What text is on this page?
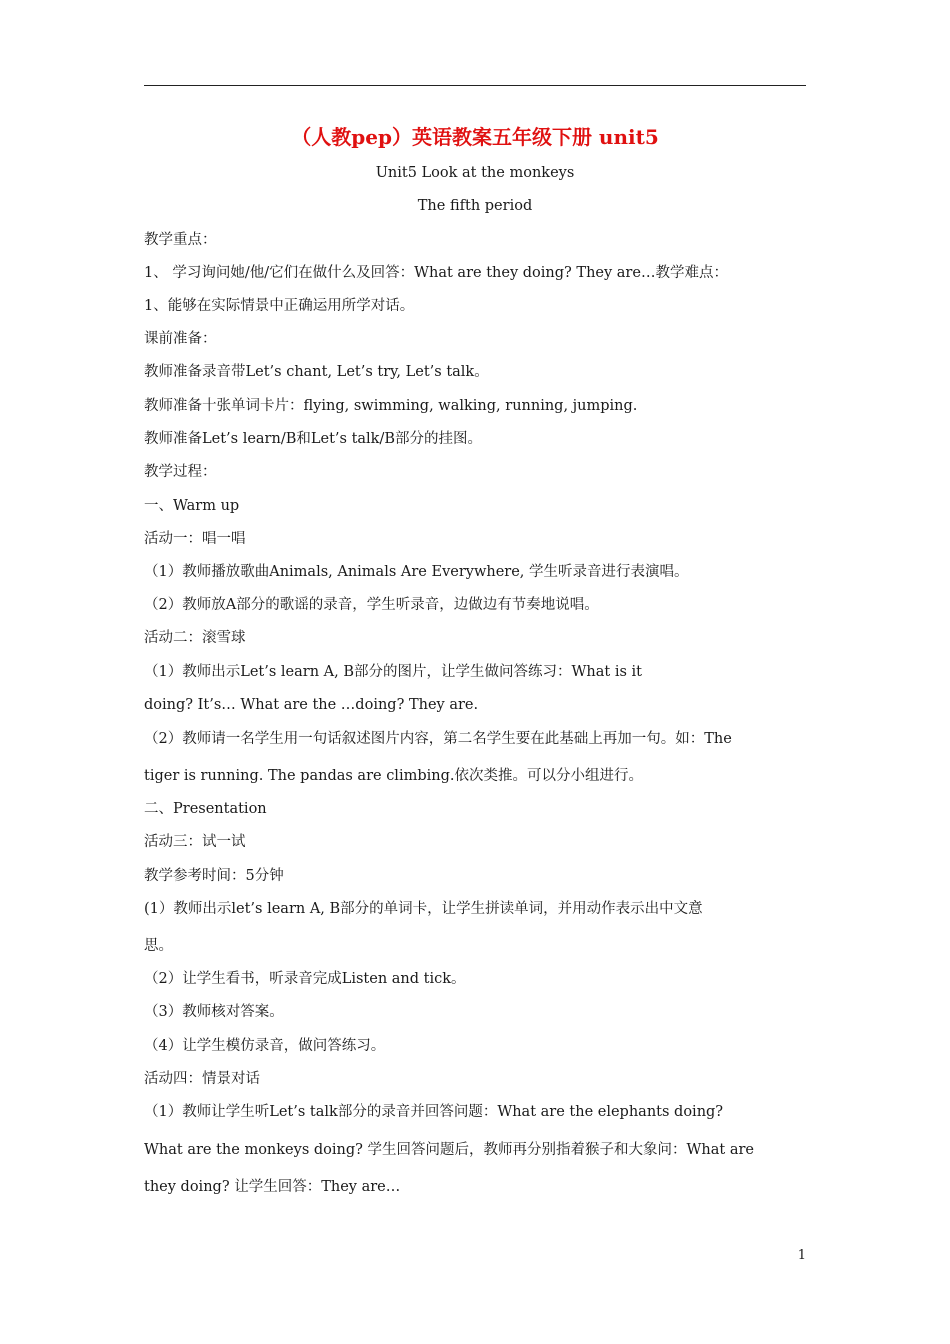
（人教pep）英语教案五年级下册 unit5
Unit5 Look at the monkeys
The fifth period
教学重点：
1、 学习询问她/他/它们在做什么及回答：What are they doing? They are…教学难点：
1、能够在实际情景中正确运用所学对话。
课前准备：
教师准备录音带Let’s chant, Let’s try, Let’s talk。
教师准备十张单词卡片：flying, swimming, walking, running, jumping.
教师准备Let’s learn/B和Let’s talk/B部分的挂图。
教学过程：
一、Warm up
活动一：唱一唱
（1）教师播放歌曲Animals, Animals Are Everywhere, 学生听录音进行表演唱。
（2）教师放A部分的歌谣的录音，学生听录音，边做边有节奏地说唱。
活动二：滚雪球
（1）教师出示Let’s learn A, B部分的图片，让学生做问答练习：What is it
doing? It’s… What are the …doing? They are.
（2）教师请一名学生用一句话叙述图片内容，第二名学生要在此基础上再加一句。如：The
tiger is running. The pandas are climbing.依次类推。可以分小组进行。
二、Presentation
活动三：试一试
教学参考时间：5分钟
(1）教师出示let’s learn A, B部分的单词卡，让学生拼读单词，并用动作表示出中文意
思。
（2）让学生看书，听录音完成Listen and tick。
（3）教师核对答案。
（4）让学生模仿录音，做问答练习。
活动四：情景对话
（1）教师让学生听Let’s talk部分的录音并回答问题：What are the elephants doing?
What are the monkeys doing? 学生回答问题后，教师再分别指着猴子和大象问：What are
they doing? 让学生回答：They are…
1
